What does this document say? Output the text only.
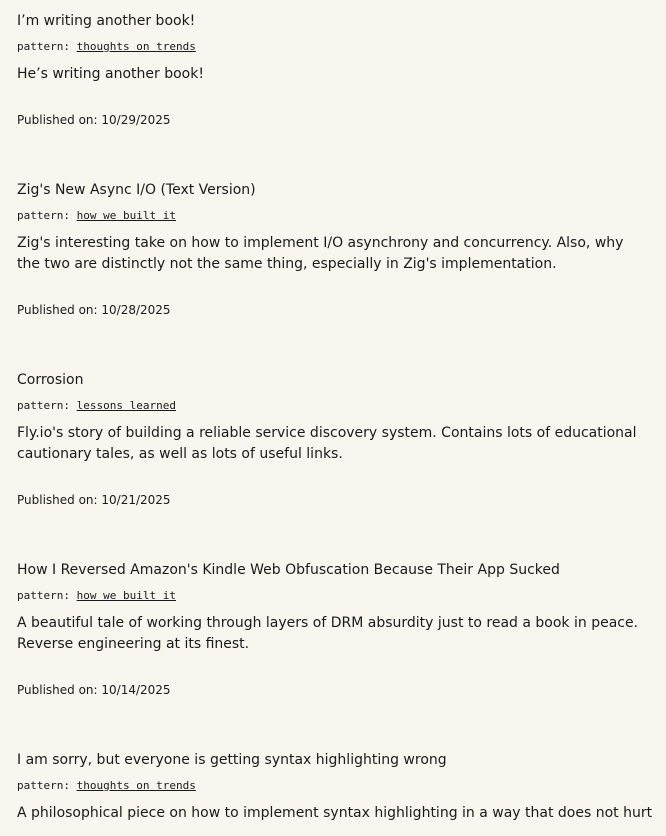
I’m writing another book!
pattern: thoughts on trends

He’s writing another book!

Published on: 10/29/2025
Zig's New Async I/O (Text Version)
pattern: how we built it

Zig's interesting take on how to implement I/O asynchrony and concurrency. Also, why the two are distinctly not the same thing, especially in Zig's implementation.

Published on: 10/28/2025
Corrosion
pattern: lessons learned

Fly.io's story of building a reliable service discovery system. Contains lots of educational cautionary tales, as well as lots of useful links.

Published on: 10/21/2025
How I Reversed Amazon's Kindle Web Obfuscation Because Their App Sucked
pattern: how we built it

A beautiful tale of working through layers of DRM absurdity just to read a book in peace. Reverse engineering at its finest.

Published on: 10/14/2025
I am sorry, but everyone is getting syntax highlighting wrong
pattern: thoughts on trends

A philosophical piece on how to implement syntax highlighting in a way that does not hurt
